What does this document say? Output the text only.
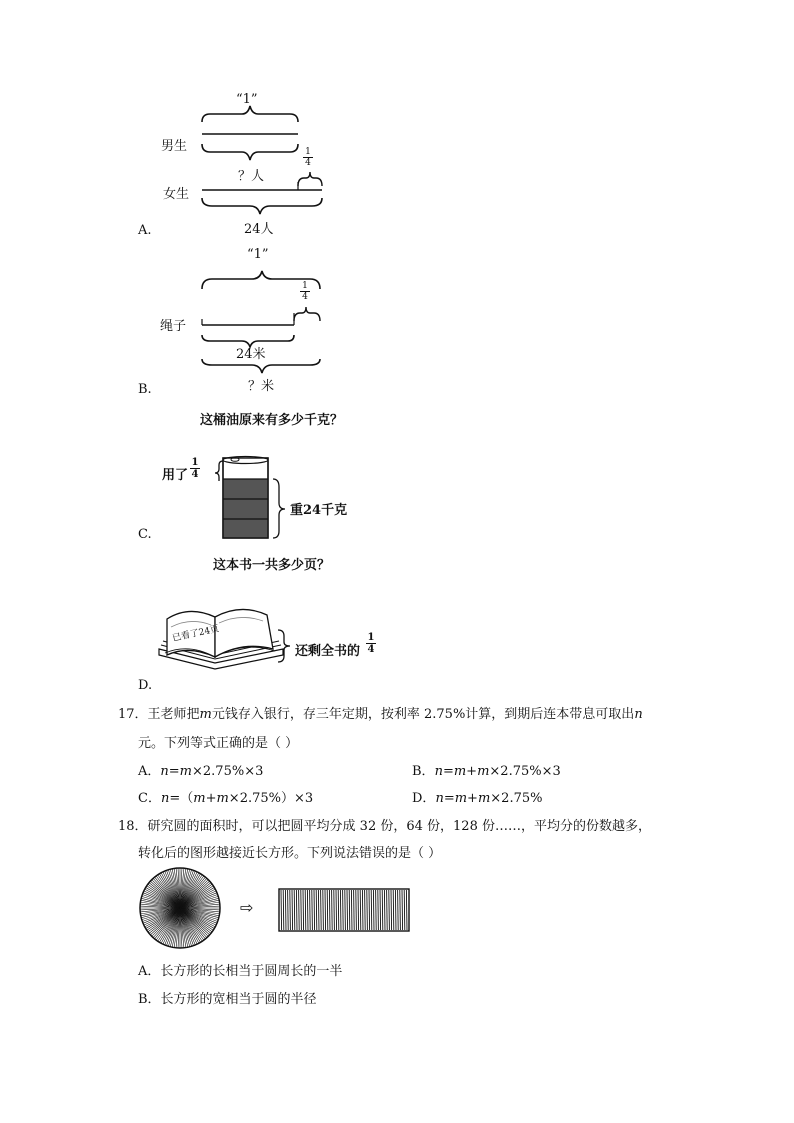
“1”
男生
女生
？人
$\frac{1}{4}$
24人
A.
“1”
$\frac{1}{4}$
绳子
24米
？米
B.
这桶油原来有多少千克？
用了 $\frac{1}{4}$
重24千克
C.
这本书一共多少页？
已看了24页
还剩全书的 $\frac{1}{4}$
D.
17．王老师把m元钱存入银行，存三年定期，按利率 2.75%计算，到期后连本带息可取出n
元。下列等式正确的是（ ）
A．n=m×2.75%×3	B．n=m+m×2.75%×3
C．n=（m+m×2.75%）×3	D．n=m+m×2.75%
18．研究圆的面积时，可以把圆平均分成 32 份，64 份，128 份……，平均分的份数越多，
转化后的图形越接近长方形。下列说法错误的是（ ）
⇨
A．长方形的长相当于圆周长的一半
B．长方形的宽相当于圆的半径
